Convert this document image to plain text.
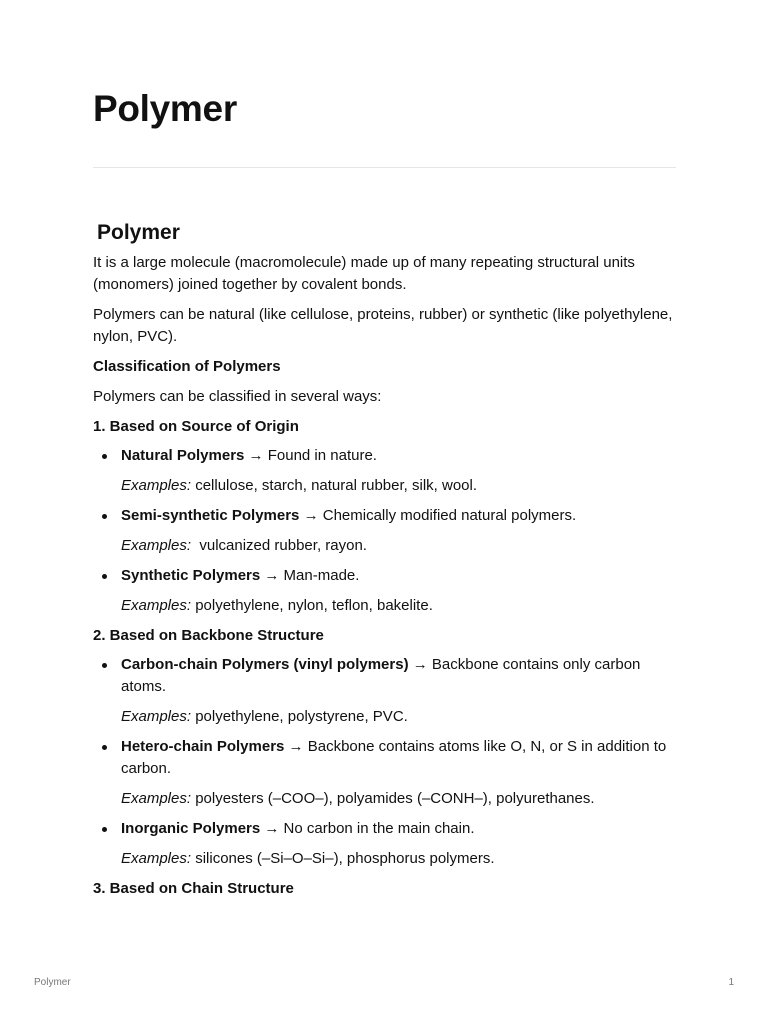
Polymer
Polymer

It is a large molecule (macromolecule) made up of many repeating structural units (monomers) joined together by covalent bonds.

Polymers can be natural (like cellulose, proteins, rubber) or synthetic (like polyethylene, nylon, PVC).

Classification of Polymers

Polymers can be classified in several ways:

1. Based on Source of Origin

Natural Polymers → Found in nature.
Examples: cellulose, starch, natural rubber, silk, wool.
Semi-synthetic Polymers → Chemically modified natural polymers.
Examples:  vulcanized rubber, rayon.
Synthetic Polymers → Man-made.
Examples: polyethylene, nylon, teflon, bakelite.

2. Based on Backbone Structure

Carbon-chain Polymers (vinyl polymers) → Backbone contains only carbon atoms.
Examples: polyethylene, polystyrene, PVC.
Hetero-chain Polymers → Backbone contains atoms like O, N, or S in addition to carbon.
Examples: polyesters (–COO–), polyamides (–CONH–), polyurethanes.
Inorganic Polymers → No carbon in the main chain.
Examples: silicones (–Si–O–Si–), phosphorus polymers.

3. Based on Chain Structure

Polymer	1
